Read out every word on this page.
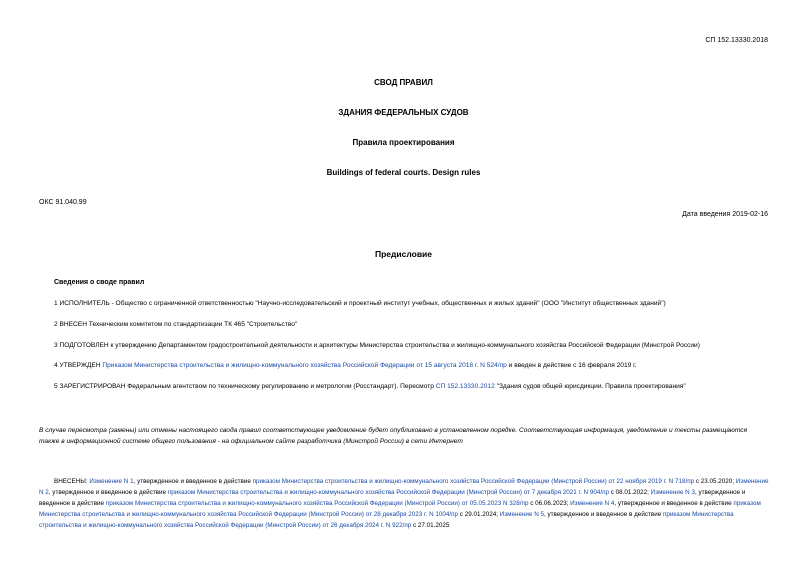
СП 152.13330.2018
СВОД ПРАВИЛ
ЗДАНИЯ ФЕДЕРАЛЬНЫХ СУДОВ
Правила проектирования
Buildings of federal courts. Design rules
ОКС 91.040.99
Дата введения 2019-02-16
Предисловие
Сведения о своде правил
1 ИСПОЛНИТЕЛЬ - Общество с ограниченной ответственностью "Научно-исследовательский и проектный институт учебных, общественных и жилых зданий" (ООО "Институт общественных зданий")
2 ВНЕСЕН Техническим комитетом по стандартизации ТК 465 "Строительство"
3 ПОДГОТОВЛЕН к утверждению Департаментом градостроительной деятельности и архитектуры Министерства строительства и жилищно-коммунального хозяйства Российской Федерации (Минстрой России)
4 УТВЕРЖДЕН Приказом Министерства строительства и жилищно-коммунального хозяйства Российской Федерации от 15 августа 2018 г. N 524/пр и введен в действие с 16 февраля 2019 г.
5 ЗАРЕГИСТРИРОВАН Федеральным агентством по техническому регулированию и метрологии (Росстандарт). Пересмотр СП 152.13330.2012 "Здания судов общей юрисдикции. Правила проектирования"
В случае пересмотра (замены) или отмены настоящего свода правил соответствующее уведомление будет опубликовано в установленном порядке. Соответствующая информация, уведомление и тексты размещаются также в информационной системе общего пользования - на официальном сайте разработчика (Минстрой России) в сети Интернет
ВНЕСЕНЫ: Изменение N 1, утвержденное и введенное в действие приказом Министерства строительства и жилищно-коммунального хозяйства Российской Федерации (Минстрой России) от 22 ноября 2019 г. N 718/пр с 23.05.2020; Изменение N 2, утвержденное и введенное в действие приказом Министерства строительства и жилищно-коммунального хозяйства Российской Федерации (Минстрой России) от 7 декабря 2021 г. N 904/пр с 08.01.2022; Изменение N 3, утвержденное и введенное в действие приказом Министерства строительства и жилищно-коммунального хозяйства Российской Федерации (Минстрой России) от 05.05.2023 N 328/пр с 06.06.2023; Изменение N 4, утвержденное и введенное в действие приказом Министерства строительства и жилищно-коммунального хозяйства Российской Федерации (Минстрой России) от 28 декабря 2023 г. N 1004/пр с 29.01.2024; Изменение N 5, утвержденное и введенное в действие приказом Министерства строительства и жилищно-коммунального хозяйства Российской Федерации (Минстрой России) от 26 декабря 2024 г. N 922/пр с 27.01.2025
